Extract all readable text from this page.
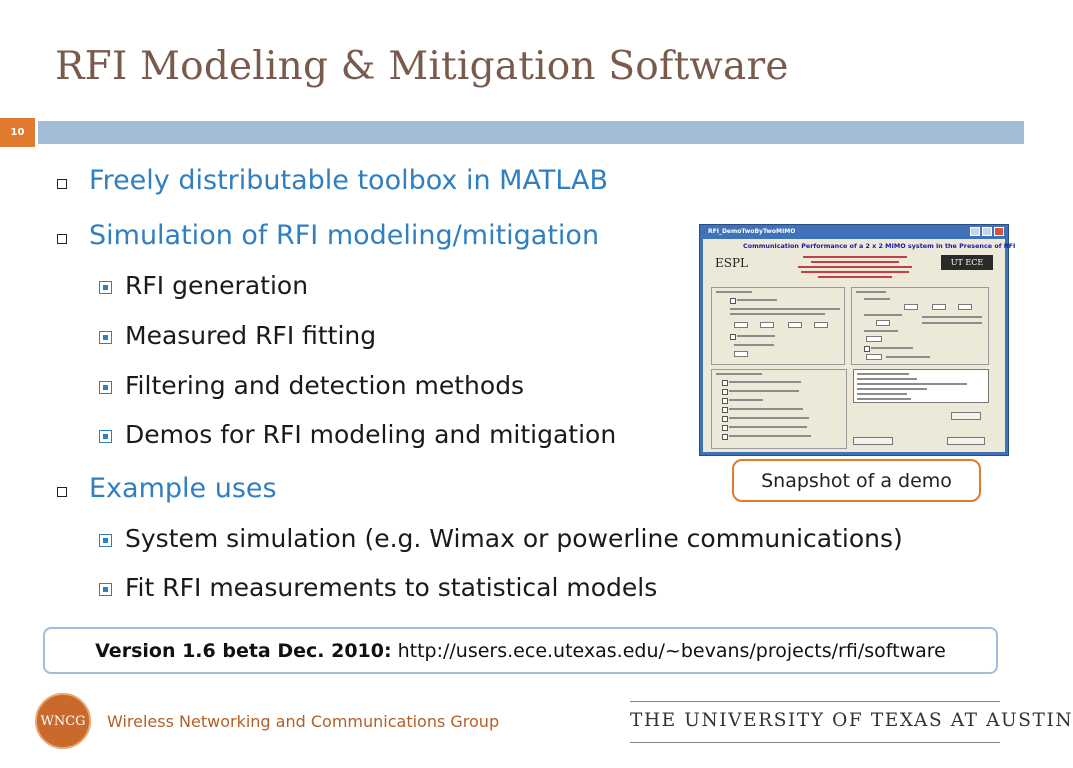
RFI Modeling & Mitigation Software
10
Freely distributable toolbox in MATLAB
Simulation of RFI modeling/mitigation
RFI generation
Measured RFI fitting
Filtering and detection methods
Demos for RFI modeling and mitigation
Example uses
System simulation (e.g. Wimax or powerline communications)
Fit RFI measurements to statistical models
RFI_DemoTwoByTwoMIMO
Communication Performance of a 2 x 2 MIMO system in the Presence of RFI
ESPL	UT ECE
Snapshot of a demo
Version 1.6 beta Dec. 2010: http://users.ece.utexas.edu/~bevans/projects/rfi/software
WNCG	Wireless Networking and Communications Group	THE UNIVERSITY OF TEXAS AT AUSTIN
